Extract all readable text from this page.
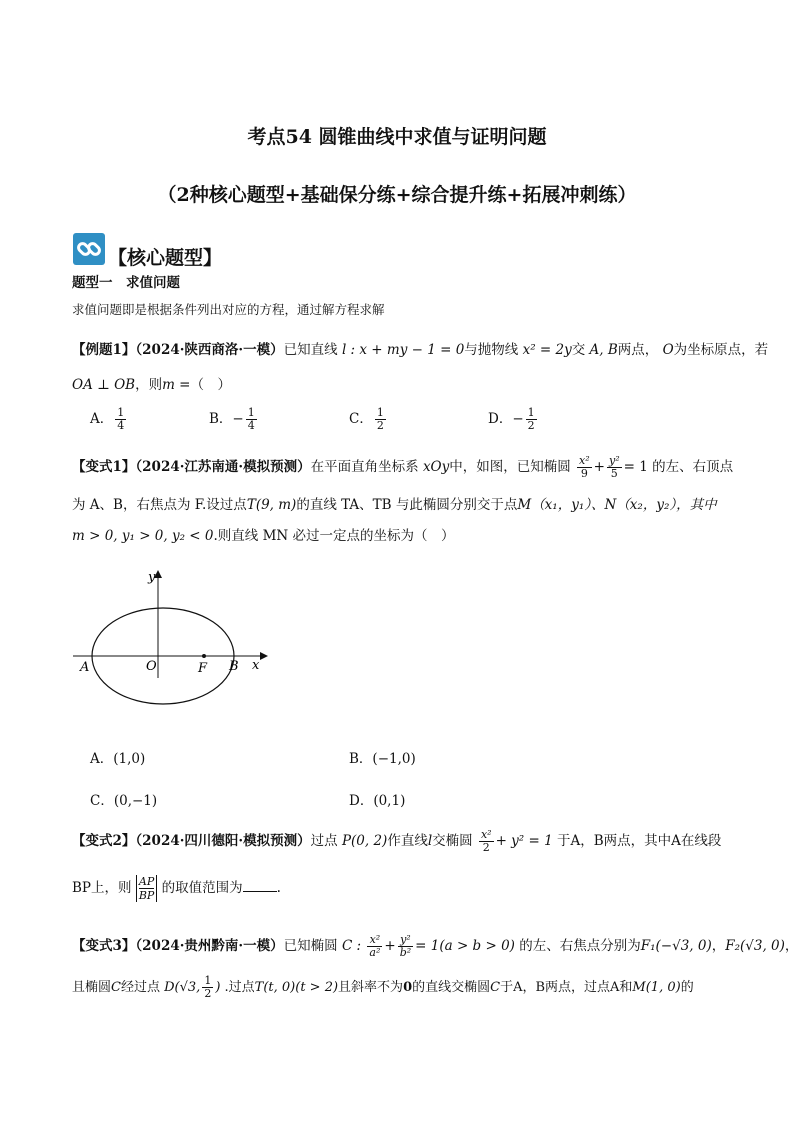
考点54 圆锥曲线中求值与证明问题
（2种核心题型+基础保分练+综合提升练+拓展冲刺练）
【核心题型】
题型一　求值问题
求值问题即是根据条件列出对应的方程，通过解方程求解
【例题1】（2024·陕西商洛·一模）已知直线 l : x + my − 1 = 0与抛物线 x² = 2y交 A, B两点， O为坐标原点，若
OA ⊥ OB，则m =（　）
A． $\frac{1}{4}$	B．− $\frac{1}{4}$	C． $\frac{1}{2}$	D．− $\frac{1}{2}$
【变式1】（2024·江苏南通·模拟预测）在平面直角坐标系 xOy中，如图，已知椭圆 $\frac{\text{x²}}{9} + \frac{\text{y²}}{5} = 1$ 的左、右顶点
为 A、B，右焦点为 F.设过点T(9, m)的直线 TA、TB 与此椭圆分别交于点M（x₁，y₁）、N（x₂，y₂），其中
m > 0, y₁ > 0, y₂ < 0.则直线 MN 必过一定点的坐标为（　）
y
x
A	O	F B
A．(1,0)	B．(−1,0)
C．(0,−1)	D．(0,1)
【变式2】（2024·四川德阳·模拟预测）过点 P(0, 2)作直线l交椭圆 $\frac{\text{x²}}{2} + y^2 = 1$ 于A，B两点，其中A在线段
BP上，则 $\frac{AP}{BP}$ 的取值范围为	.
【变式3】（2024·贵州黔南·一模）已知椭圆 C : $\frac{\text{x²}}{\text{a²}} + \frac{\text{y²}}{\text{b²}} = 1(a > b > 0)$ 的左、右焦点分别为F₁(−√3, 0)，F₂(√3, 0)，
且椭圆C经过点 D(√3, $\frac{1}{2}$ ) .过点T(t, 0)(t > 2)且斜率不为0的直线交椭圆C于A，B两点，过点A和M(1, 0)的
